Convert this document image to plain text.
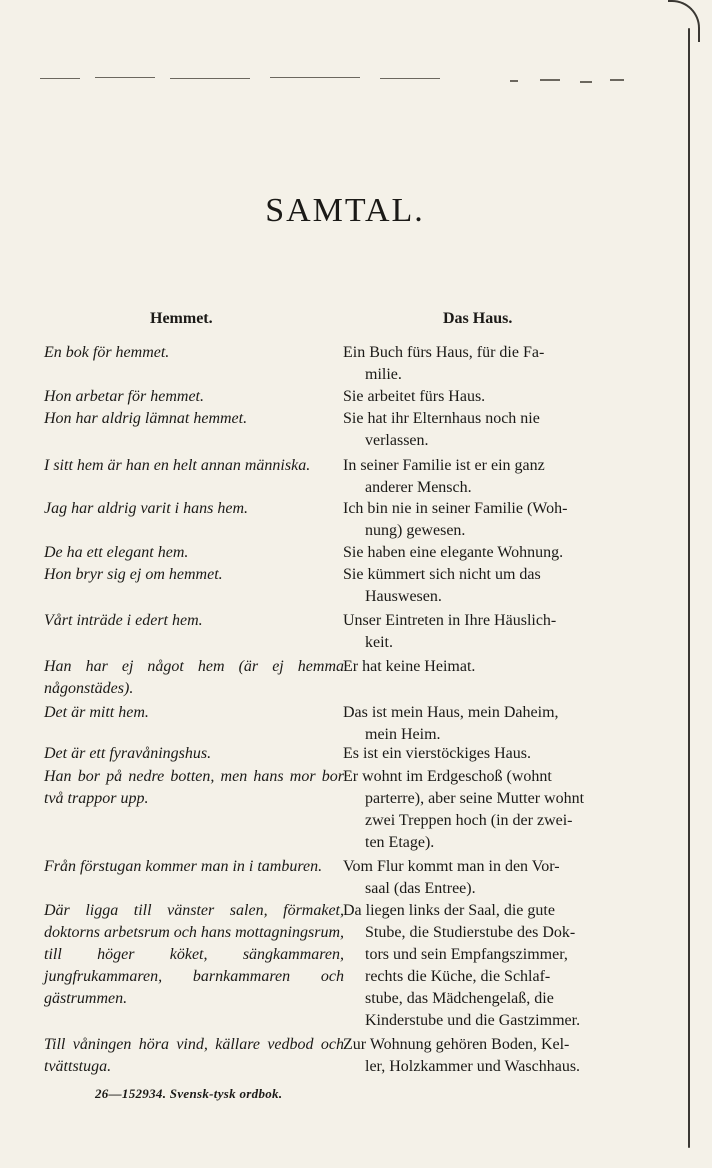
SAMTAL.
Hemmet.	Das Haus.
En bok för hemmet.
Hon arbetar för hemmet.
Hon har aldrig lämnat hemmet.
I sitt hem är han en helt annan människa.
Jag har aldrig varit i hans hem.
De ha ett elegant hem.
Hon bryr sig ej om hemmet.
Vårt inträde i edert hem.
Han har ej något hem (är ej hemma någonstädes).
Det är mitt hem.
Det är ett fyravåningshus.
Han bor på nedre botten, men hans mor bor två trappor upp.
Från förstugan kommer man in i tamburen.
Där ligga till vänster salen, förmaket, doktorns arbetsrum och hans mottagningsrum, till höger köket, sängkammaren, jungfrukammaren, barnkammaren och gästrummen.
Till våningen höra vind, källare vedbod och tvättstuga.
Ein Buch fürs Haus, für die Fa-
milie.
Sie arbeitet fürs Haus.
Sie hat ihr Elternhaus noch nie
verlassen.
In seiner Familie ist er ein ganz
anderer Mensch.
Ich bin nie in seiner Familie (Woh-
nung) gewesen.
Sie haben eine elegante Wohnung.
Sie kümmert sich nicht um das
Hauswesen.
Unser Eintreten in Ihre Häuslich-
keit.
Er hat keine Heimat.
Das ist mein Haus, mein Daheim,
mein Heim.
Es ist ein vierstöckiges Haus.
Er wohnt im Erdgeschoß (wohnt
parterre), aber seine Mutter wohnt
zwei Treppen hoch (in der zwei-
ten Etage).
Vom Flur kommt man in den Vor-
saal (das Entree).
Da liegen links der Saal, die gute
Stube, die Studierstube des Dok-
tors und sein Empfangszimmer,
rechts die Küche, die Schlaf-
stube, das Mädchengelaß, die
Kinderstube und die Gastzimmer.
Zur Wohnung gehören Boden, Kel-
ler, Holzkammer und Waschhaus.
26—152934. Svensk-tysk ordbok.
